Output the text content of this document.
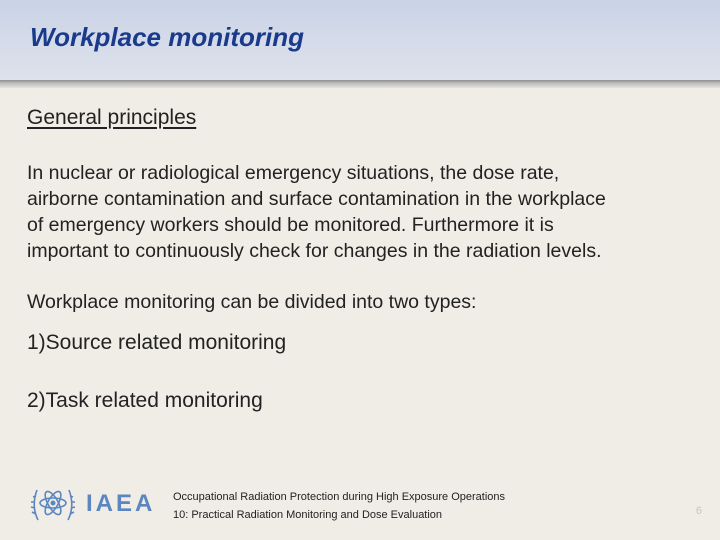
Workplace monitoring

General principles

In nuclear or radiological emergency situations, the dose rate,
airborne contamination and surface contamination in the workplace
of emergency workers should be monitored. Furthermore it is
important to continuously check for changes in the radiation levels.

Workplace monitoring can be divided into two types:

1)Source related monitoring

2)Task related monitoring

IAEA Occupational Radiation Protection during High Exposure Operations
10: Practical Radiation Monitoring and Dose Evaluation	6
